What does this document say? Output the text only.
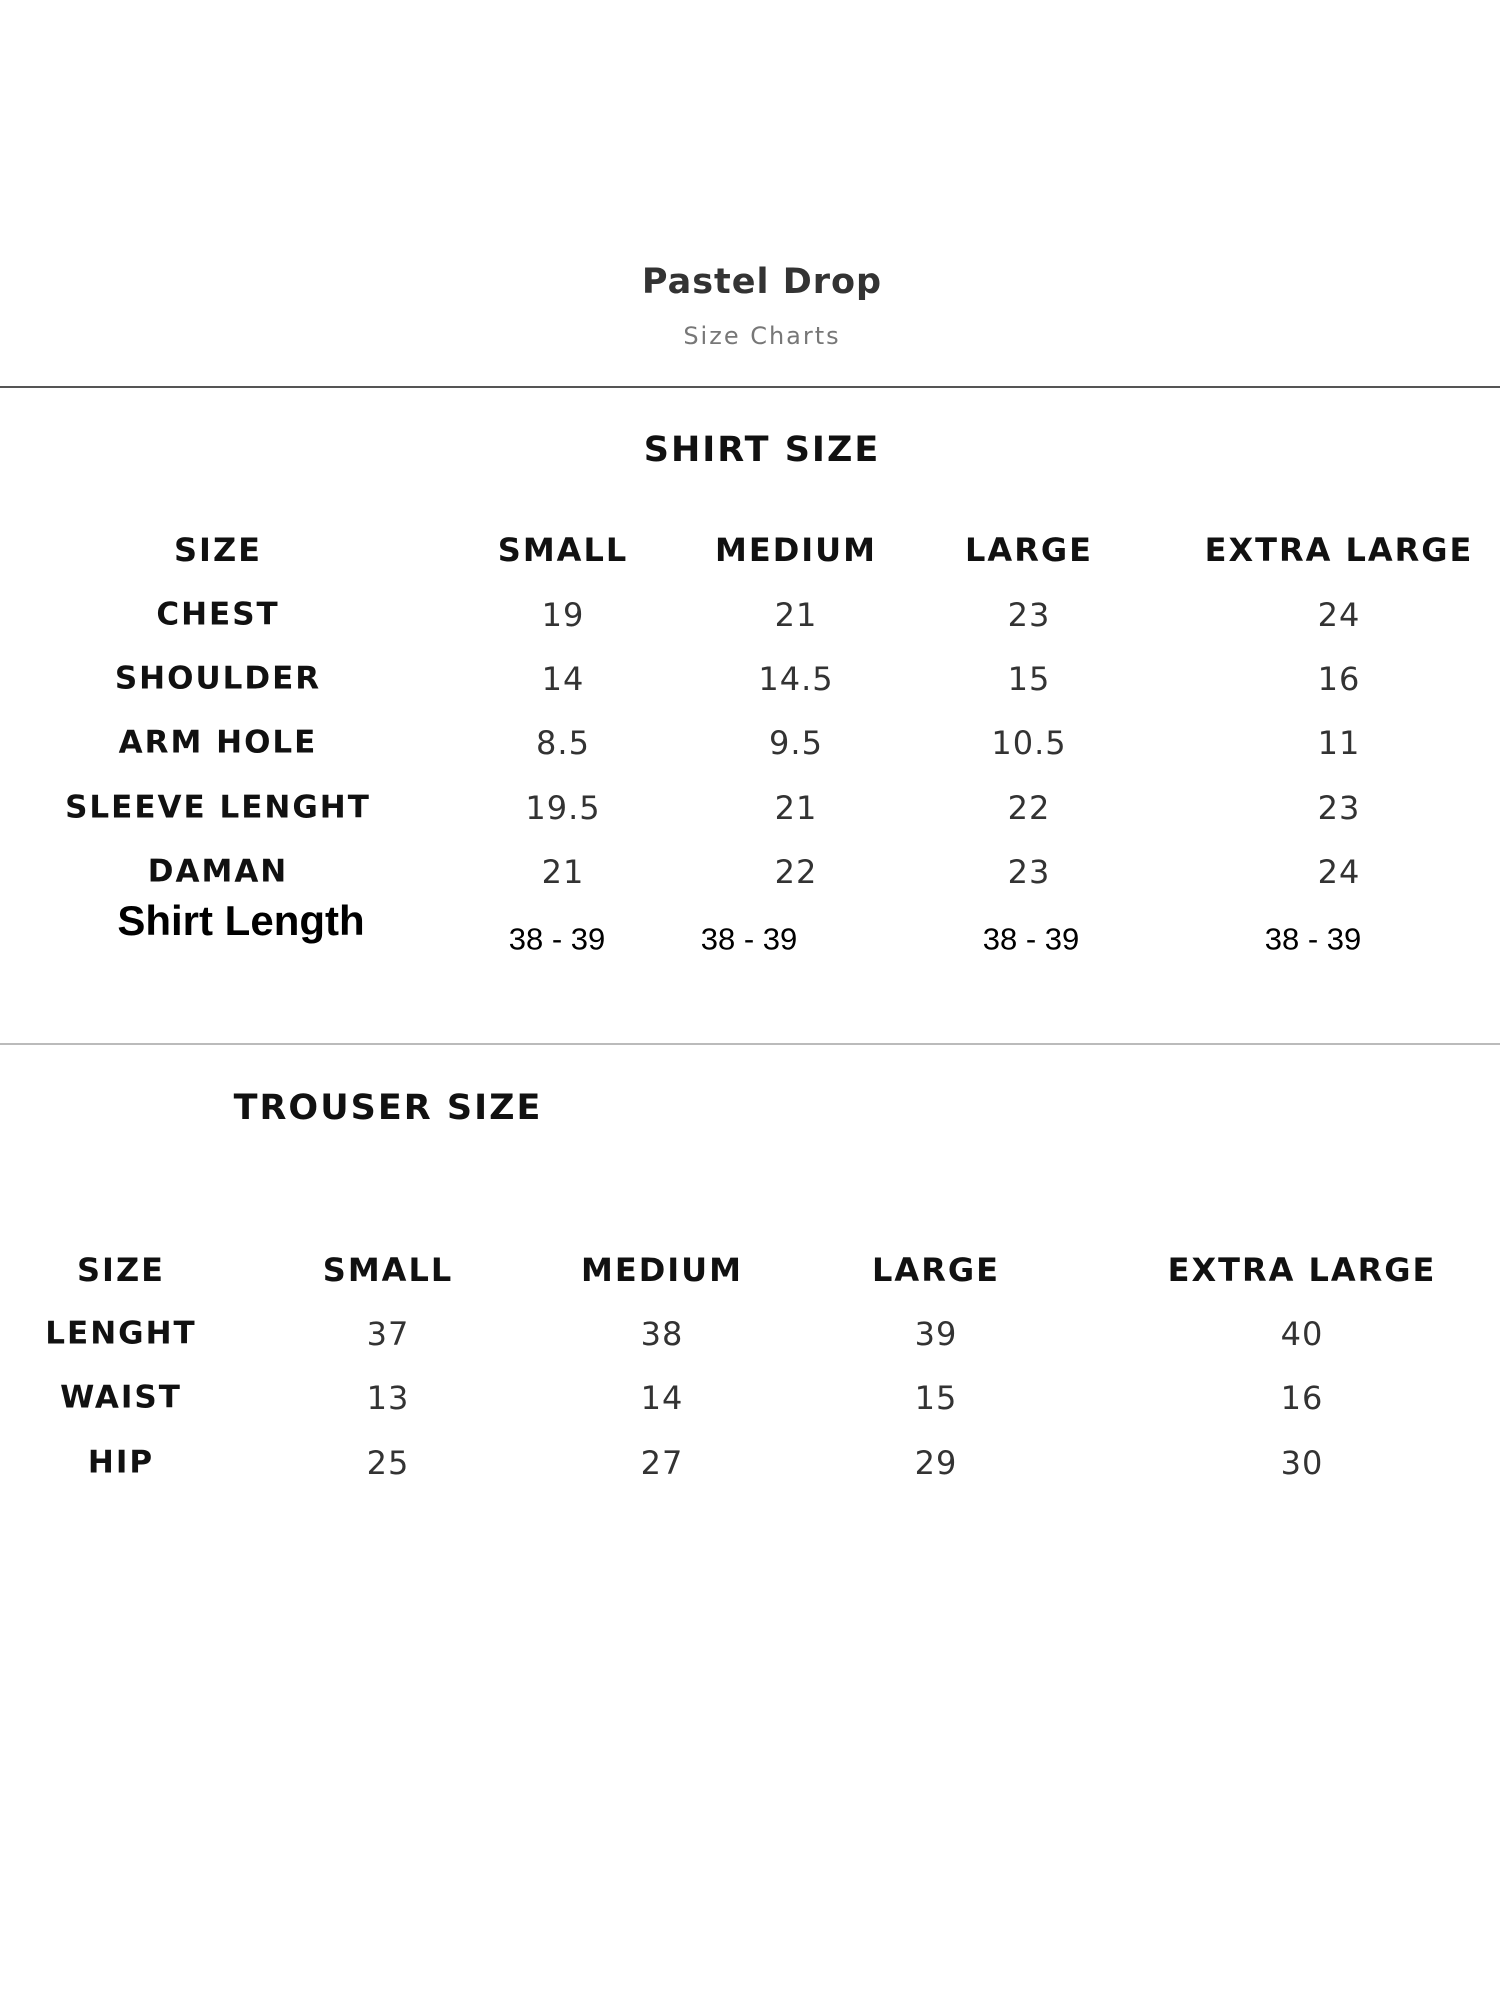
Pastel Drop
Size Charts
SHIRT SIZE
SIZE	SMALL	MEDIUM	LARGE	EXTRA LARGE
CHEST	19	21	23	24
SHOULDER	14	14.5	15	16
ARM HOLE	8.5	9.5	10.5	11
SLEEVE LENGHT	19.5	21	22	23
DAMAN	21	22	23	24
Shirt Length	38 - 39	38 - 39	38 - 39	38 - 39
TROUSER SIZE
SIZE	SMALL	MEDIUM	LARGE	EXTRA LARGE
LENGHT	37	38	39	40
WAIST	13	14	15	16
HIP	25	27	29	30
